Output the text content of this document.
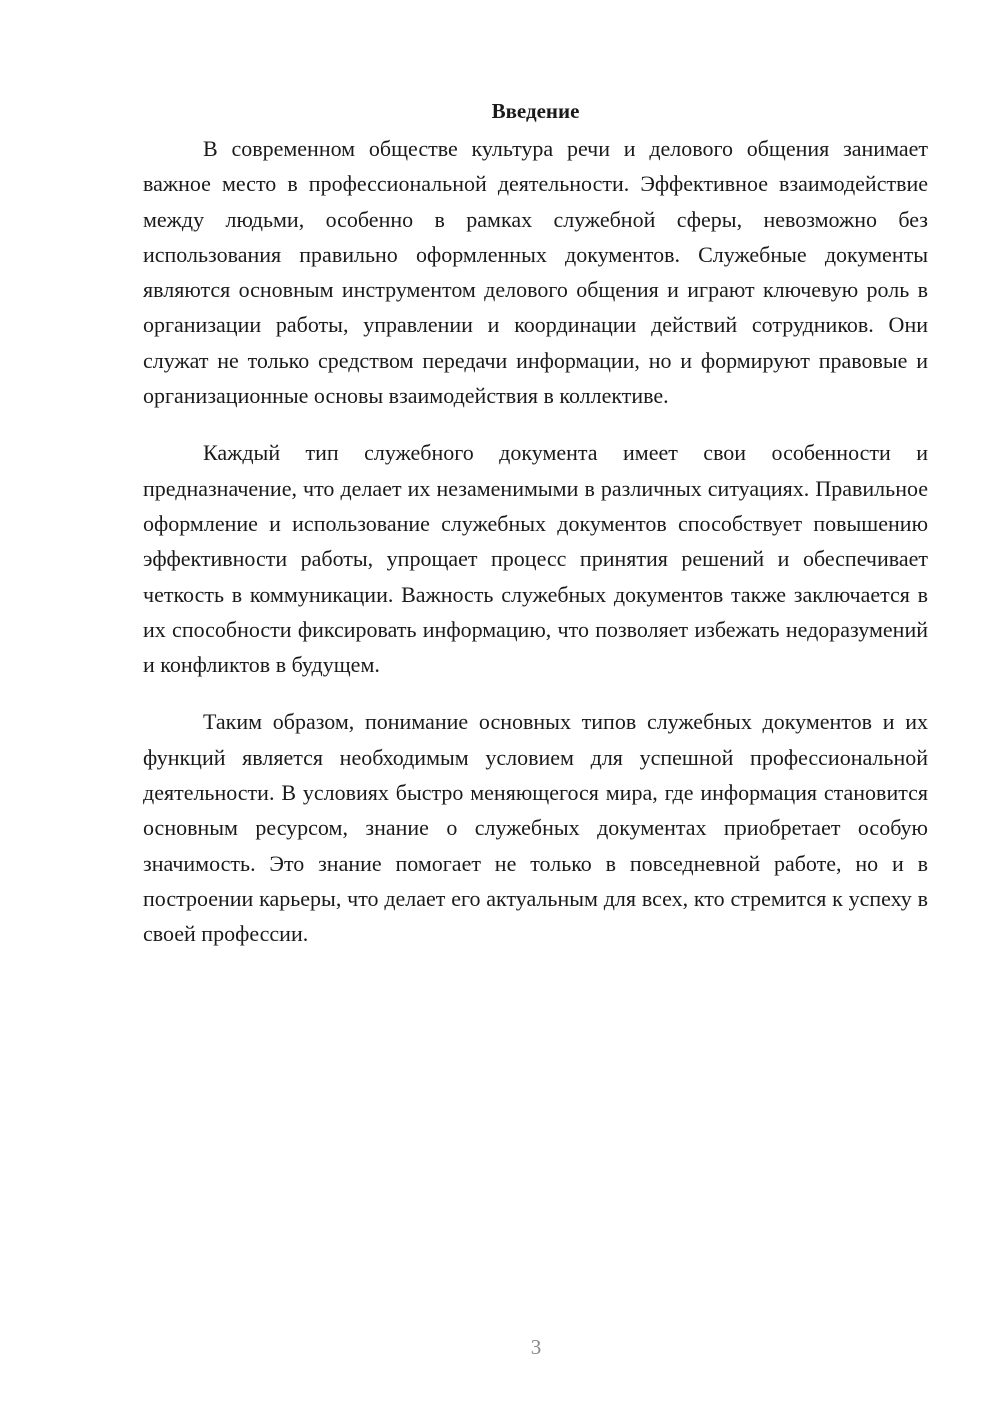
Введение

В современном обществе культура речи и делового общения занимает важное место в профессиональной деятельности. Эффективное взаимодействие между людьми, особенно в рамках служебной сферы, невозможно без использования правильно оформленных документов. Служебные документы являются основным инструментом делового общения и играют ключевую роль в организации работы, управлении и координации действий сотрудников. Они служат не только средством передачи информации, но и формируют правовые и организационные основы взаимодействия в коллективе.

Каждый тип служебного документа имеет свои особенности и предназначение, что делает их незаменимыми в различных ситуациях. Правильное оформление и использование служебных документов способствует повышению эффективности работы, упрощает процесс принятия решений и обеспечивает четкость в коммуникации. Важность служебных документов также заключается в их способности фиксировать информацию, что позволяет избежать недоразумений и конфликтов в будущем.

Таким образом, понимание основных типов служебных документов и их функций является необходимым условием для успешной профессиональной деятельности. В условиях быстро меняющегося мира, где информация становится основным ресурсом, знание о служебных документах приобретает особую значимость. Это знание помогает не только в повседневной работе, но и в построении карьеры, что делает его актуальным для всех, кто стремится к успеху в своей профессии.

3
